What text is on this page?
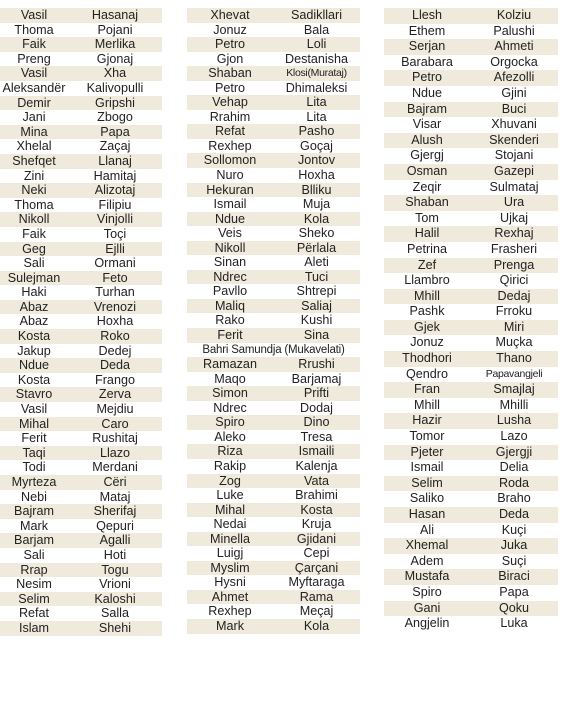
Vasil	Hasanaj
Thoma	Pojani
Faik	Merlika
Preng	Gjonaj
Vasil	Xha
Aleksandër	Kalivopulli
Demir	Gripshi
Jani	Zbogo
Mina	Papa
Xhelal	Zaçaj
Shefqet	Llanaj
Zini	Hamitaj
Neki	Alizotaj
Thoma	Filipiu
Nikoll	Vinjolli
Faik	Toçi
Geg	Ejlli
Sali	Ormani
Sulejman	Feto
Haki	Turhan
Abaz	Vrenozi
Abaz	Hoxha
Kosta	Roko
Jakup	Dedej
Ndue	Deda
Kosta	Frango
Stavro	Zerva
Vasil	Mejdiu
Mihal	Caro
Ferit	Rushitaj
Taqi	Llazo
Todi	Merdani
Myrteza	Cëri
Nebi	Mataj
Bajram	Sherifaj
Mark	Qepuri
Barjam	Agalli
Sali	Hoti
Rrap	Togu
Nesim	Vrioni
Selim	Kaloshi
Refat	Salla
Islam	Shehi
Xhevat	Sadikllari
Jonuz	Bala
Petro	Loli
Gjon	Destanisha
Shaban	Klosi(Murataj)
Petro	Dhimaleksi
Vehap	Lita
Rrahim	Lita
Refat	Pasho
Rexhep	Goçaj
Sollomon	Jontov
Nuro	Hoxha
Hekuran	Blliku
Ismail	Muja
Ndue	Kola
Veis	Sheko
Nikoll	Përlala
Sinan	Aleti
Ndrec	Tuci
Pavllo	Shtrepi
Maliq	Saliaj
Rako	Kushi
Ferit	Sina
Bahri Samundja (Mukavelati)
Ramazan	Rrushi
Maqo	Barjamaj
Simon	Prifti
Ndrec	Dodaj
Spiro	Dino
Aleko	Tresa
Riza	Ismaili
Rakip	Kalenja
Zog	Vata
Luke	Brahimi
Mihal	Kosta
Nedai	Kruja
Minella	Gjidani
Luigj	Cepi
Myslim	Çarçani
Hysni	Myftaraga
Ahmet	Rama
Rexhep	Meçaj
Mark	Kola
Llesh	Kolziu
Ethem	Palushi
Serjan	Ahmeti
Barabara	Orgocka
Petro	Afezolli
Ndue	Gjini
Bajram	Buci
Visar	Xhuvani
Alush	Skenderi
Gjergj	Stojani
Osman	Gazepi
Zeqir	Sulmataj
Shaban	Ura
Tom	Ujkaj
Halil	Rexhaj
Petrina	Frasheri
Zef	Prenga
Llambro	Qirici
Mhill	Dedaj
Pashk	Frroku
Gjek	Miri
Jonuz	Muçka
Thodhori	Thano
Qendro	Papavangjeli
Fran	Smajlaj
Mhill	Mhilli
Hazir	Lusha
Tomor	Lazo
Pjeter	Gjergji
Ismail	Delia
Selim	Roda
Saliko	Braho
Hasan	Deda
Ali	Kuçi
Xhemal	Juka
Adem	Suçi
Mustafa	Biraci
Spiro	Papa
Gani	Qoku
Angjelin	Luka
